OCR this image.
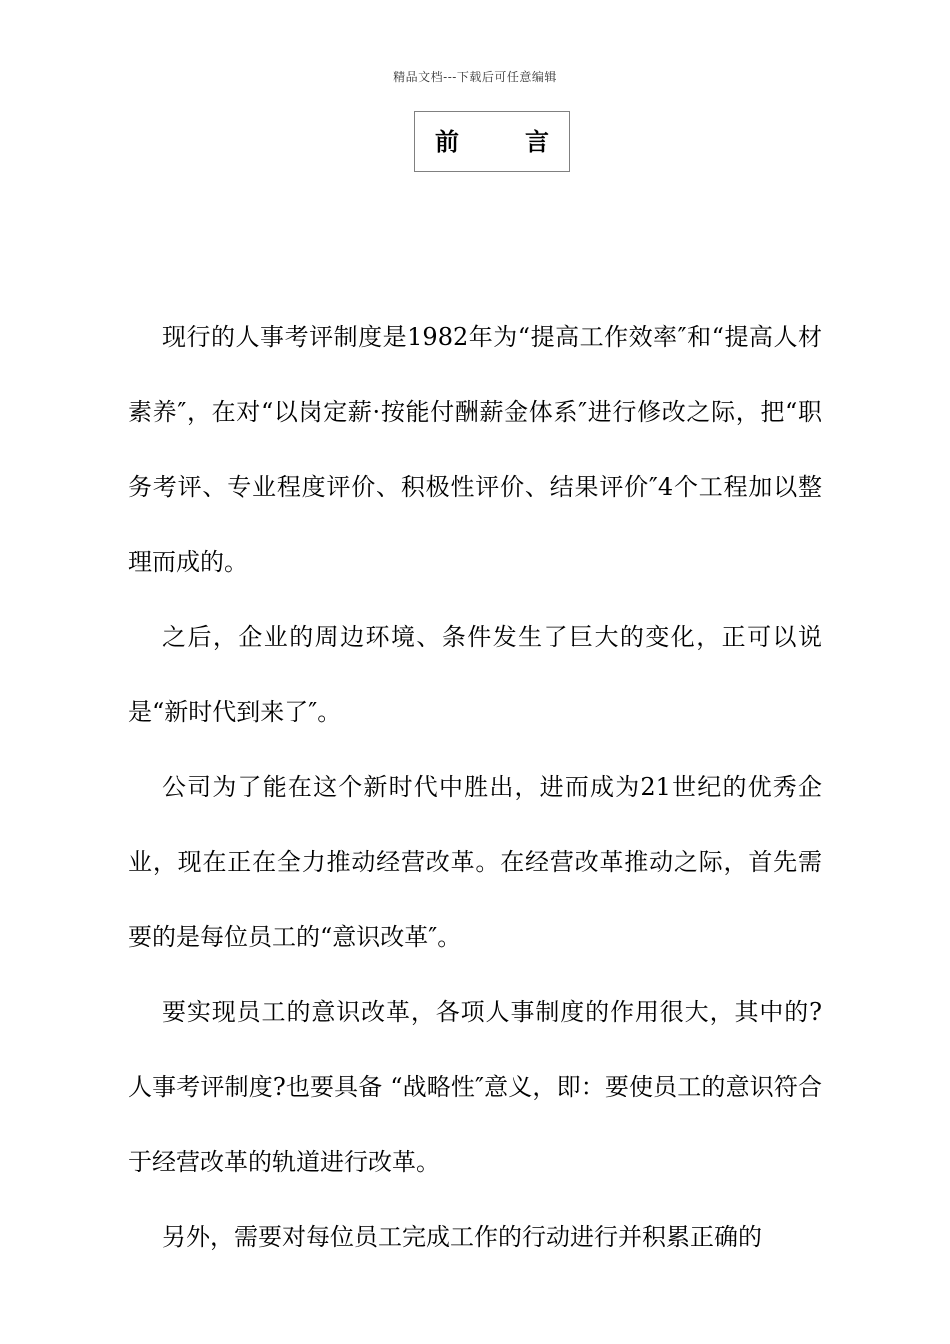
精品文档---下载后可任意编辑
前	言

现行的人事考评制度是1982年为“提高工作效率″和“提高人材素养″，在对“以岗定薪·按能付酬薪金体系″进行修改之际，把“职务考评、专业程度评价、积极性评价、结果评价″4个工程加以整理而成的。

之后，企业的周边环境、条件发生了巨大的变化，正可以说是“新时代到来了″。

公司为了能在这个新时代中胜出，进而成为21世纪的优秀企业，现在正在全力推动经营改革。在经营改革推动之际，首先需要的是每位员工的“意识改革″。

要实现员工的意识改革，各项人事制度的作用很大，其中的?人事考评制度?也要具备 “战略性″意义，即：要使员工的意识符合于经营改革的轨道进行改革。

另外，需要对每位员工完成工作的行动进行并积累正确的
